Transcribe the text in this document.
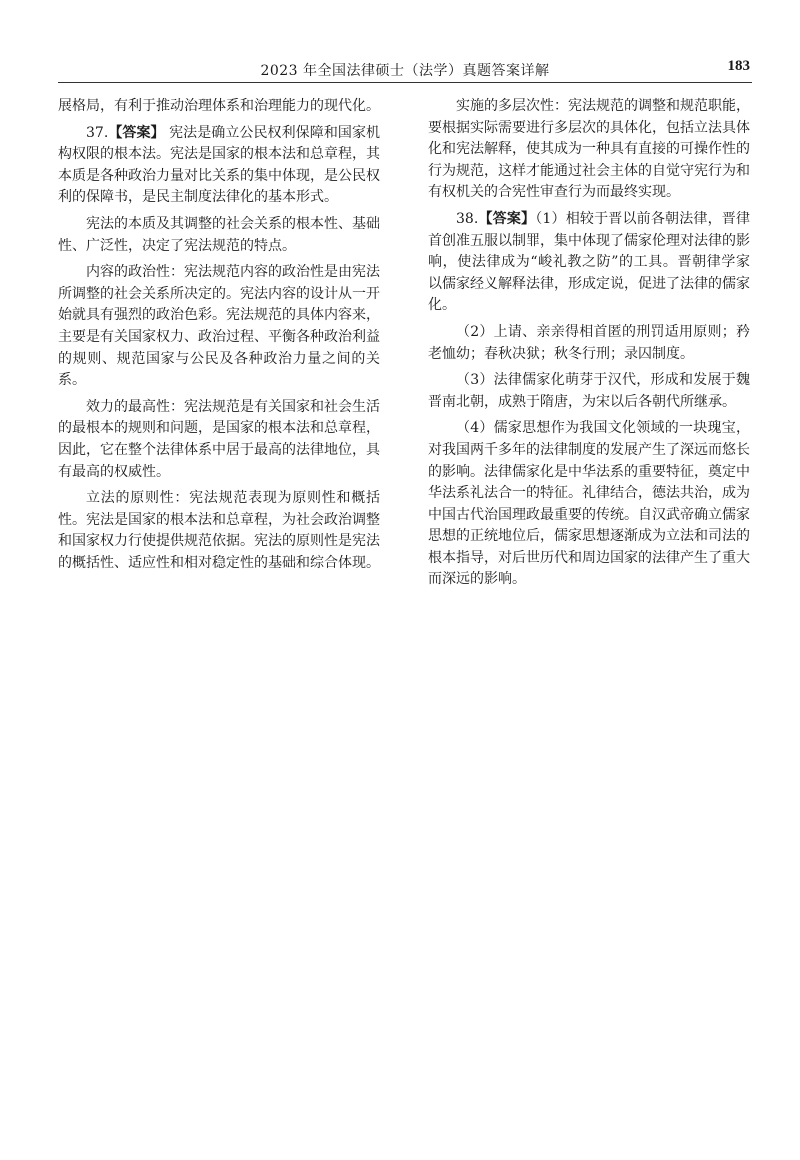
2023 年全国法律硕士（法学）真题答案详解	183

展格局，有利于推动治理体系和治理能力的现代化。

37.【答案】 宪法是确立公民权利保障和国家机构权限的根本法。宪法是国家的根本法和总章程，其本质是各种政治力量对比关系的集中体现，是公民权利的保障书，是民主制度法律化的基本形式。

宪法的本质及其调整的社会关系的根本性、基础性、广泛性，决定了宪法规范的特点。

内容的政治性：宪法规范内容的政治性是由宪法所调整的社会关系所决定的。宪法内容的设计从一开始就具有强烈的政治色彩。宪法规范的具体内容来，主要是有关国家权力、政治过程、平衡各种政治利益的规则、规范国家与公民及各种政治力量之间的关系。

效力的最高性：宪法规范是有关国家和社会生活的最根本的规则和问题，是国家的根本法和总章程，因此，它在整个法律体系中居于最高的法律地位，具有最高的权威性。

立法的原则性：宪法规范表现为原则性和概括性。宪法是国家的根本法和总章程，为社会政治调整和国家权力行使提供规范依据。宪法的原则性是宪法的概括性、适应性和相对稳定性的基础和综合体现。

实施的多层次性：宪法规范的调整和规范职能，要根据实际需要进行多层次的具体化，包括立法具体化和宪法解释，使其成为一种具有直接的可操作性的行为规范，这样才能通过社会主体的自觉守宪行为和有权机关的合宪性审查行为而最终实现。

38.【答案】（1）相较于晋以前各朝法律，晋律首创准五服以制罪，集中体现了儒家伦理对法律的影响，使法律成为“峻礼教之防”的工具。晋朝律学家以儒家经义解释法律，形成定说，促进了法律的儒家化。

（2）上请、亲亲得相首匿的刑罚适用原则；矜老恤幼；春秋决狱；秋冬行刑；录囚制度。

（3）法律儒家化萌芽于汉代，形成和发展于魏晋南北朝，成熟于隋唐，为宋以后各朝代所继承。

（4）儒家思想作为我国文化领域的一块瑰宝，对我国两千多年的法律制度的发展产生了深远而悠长的影响。法律儒家化是中华法系的重要特征，奠定中华法系礼法合一的特征。礼律结合，德法共治，成为中国古代治国理政最重要的传统。自汉武帝确立儒家思想的正统地位后，儒家思想逐渐成为立法和司法的根本指导，对后世历代和周边国家的法律产生了重大而深远的影响。
